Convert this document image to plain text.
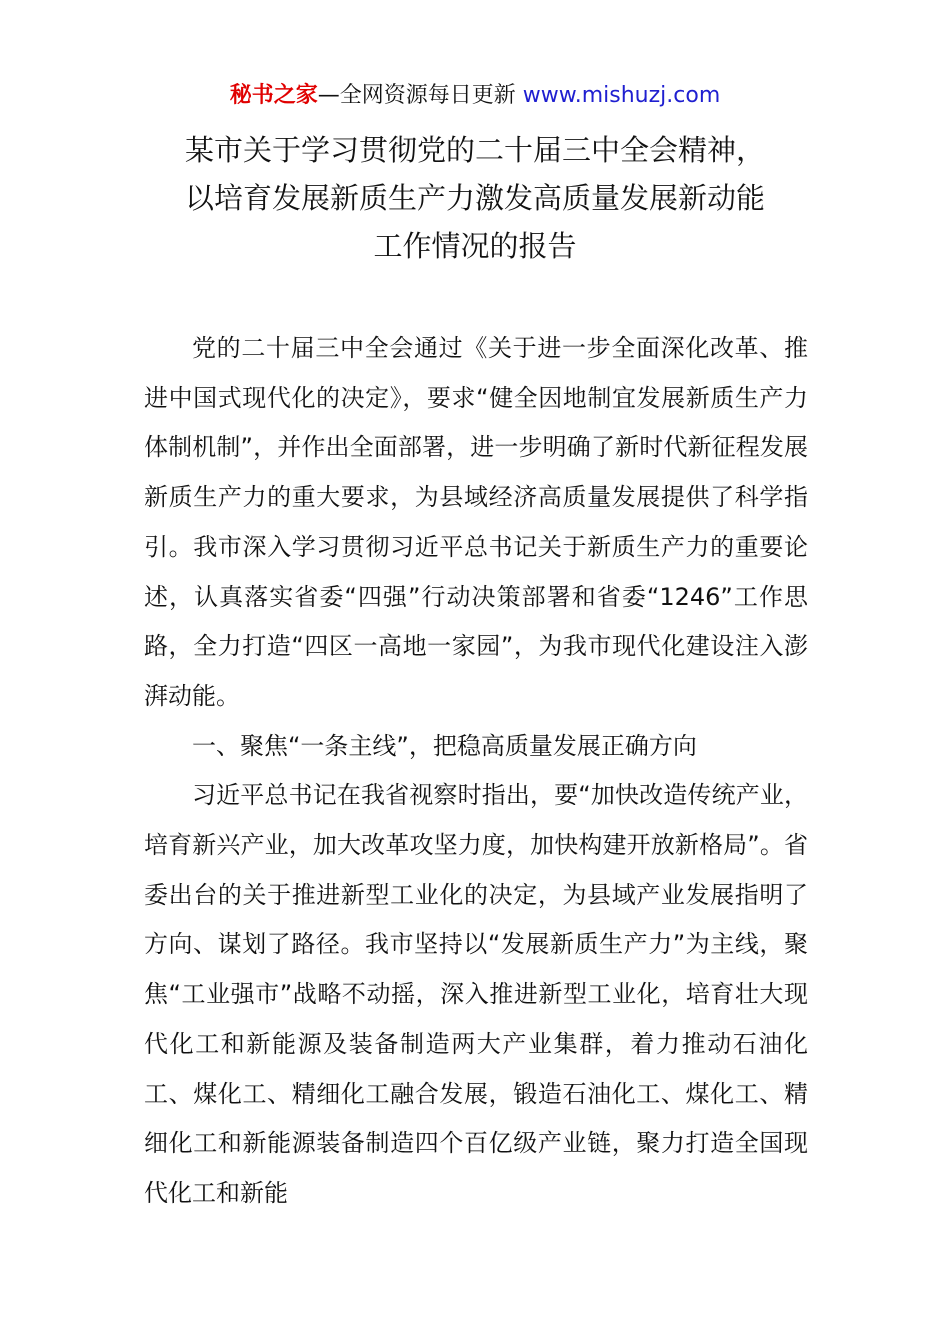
秘书之家—全网资源每日更新 www.mishuzj.com
某市关于学习贯彻党的二十届三中全会精神，
以培育发展新质生产力激发高质量发展新动能
工作情况的报告

党的二十届三中全会通过《关于进一步全面深化改革、推进中国式现代化的决定》，要求“健全因地制宜发展新质生产力体制机制”，并作出全面部署，进一步明确了新时代新征程发展新质生产力的重大要求，为县域经济高质量发展提供了科学指引。我市深入学习贯彻习近平总书记关于新质生产力的重要论述，认真落实省委“四强”行动决策部署和省委“1246”工作思路，全力打造“四区一高地一家园”，为我市现代化建设注入澎湃动能。

一、聚焦“一条主线”，把稳高质量发展正确方向

习近平总书记在我省视察时指出，要“加快改造传统产业，培育新兴产业，加大改革攻坚力度，加快构建开放新格局”。省委出台的关于推进新型工业化的决定，为县域产业发展指明了方向、谋划了路径。我市坚持以“发展新质生产力”为主线，聚焦“工业强市”战略不动摇，深入推进新型工业化，培育壮大现代化工和新能源及装备制造两大产业集群，着力推动石油化工、煤化工、精细化工融合发展，锻造石油化工、煤化工、精细化工和新能源装备制造四个百亿级产业链，聚力打造全国现代化工和新能
